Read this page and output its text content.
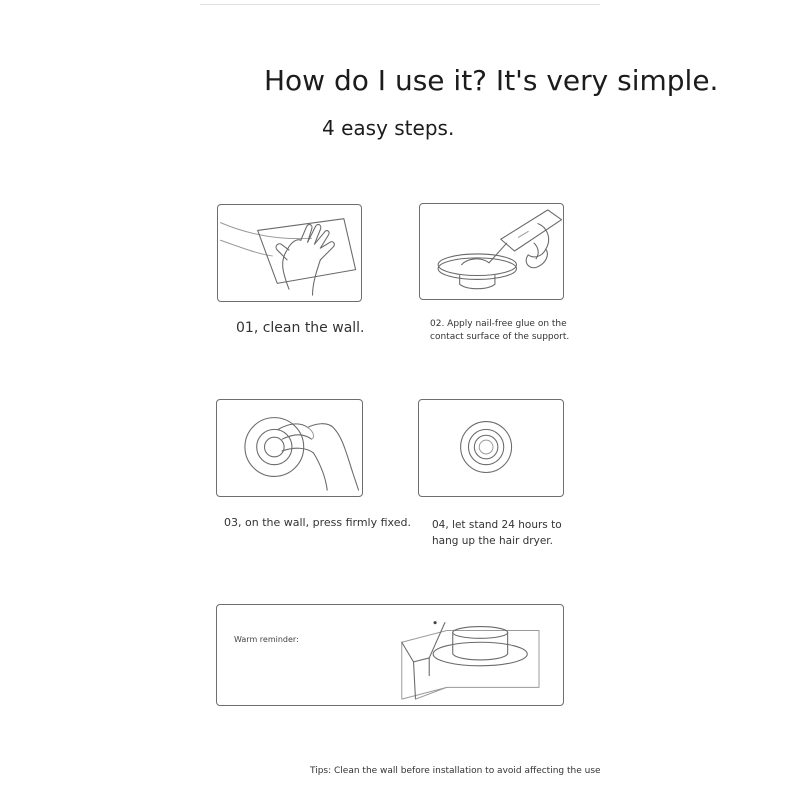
How do I use it? It's very simple.
4 easy steps.
01, clean the wall.	02. Apply nail-free glue on the contact surface of the support.
03, on the wall, press firmly fixed. 04, let stand 24 hours to hang up the hair dryer.
Warm reminder:
Tips: Clean the wall before installation to avoid affecting the use
